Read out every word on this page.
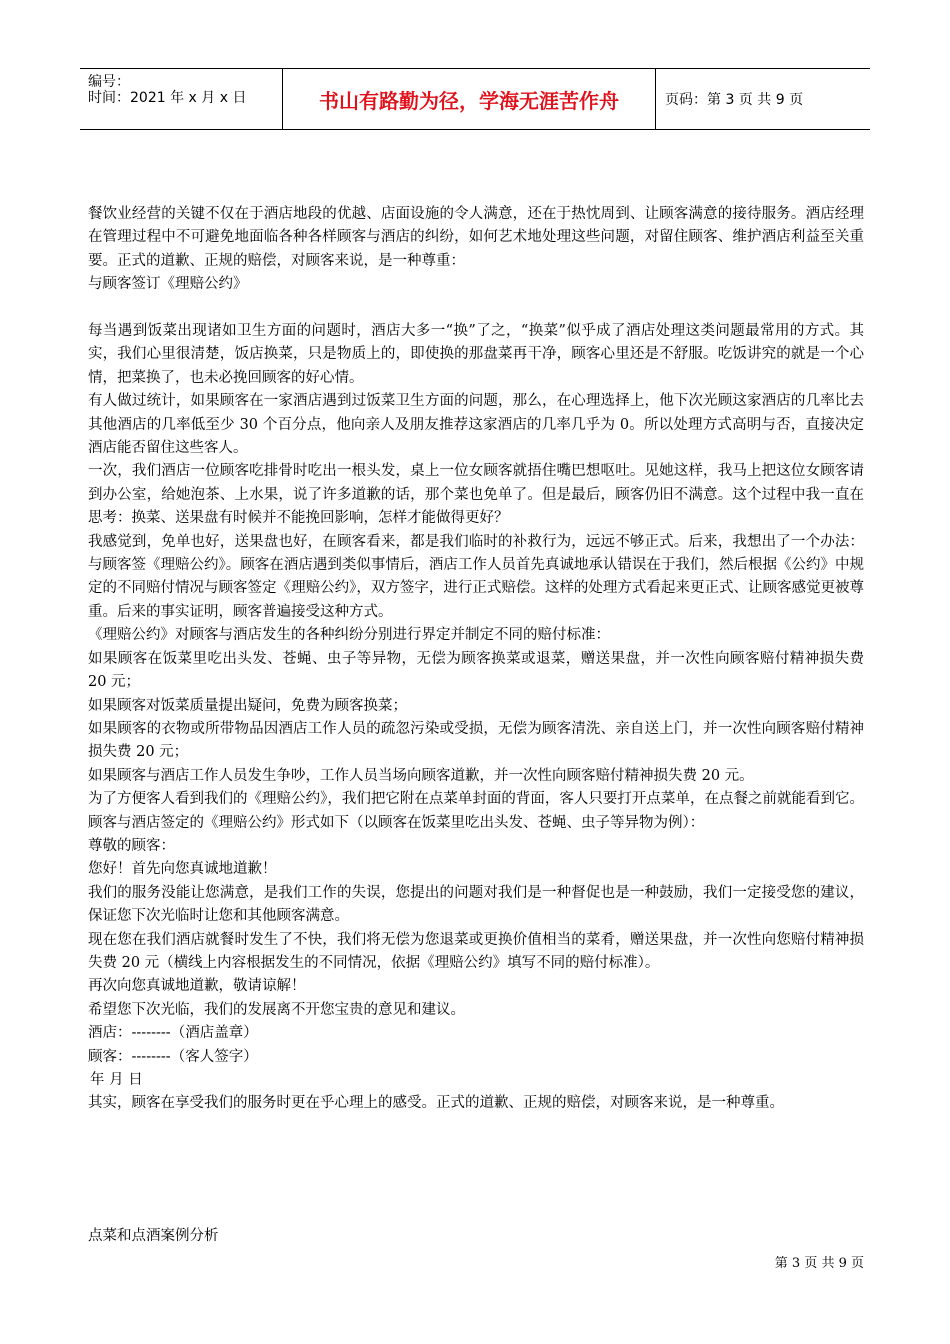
编号：
时间：2021 年 x 月 x 日	书山有路勤为径，学海无涯苦作舟	页码：第 3 页 共 9 页

餐饮业经营的关键不仅在于酒店地段的优越、店面设施的令人满意，还在于热忱周到、让顾客满意的接待服务。酒店经理在管理过程中不可避免地面临各种各样顾客与酒店的纠纷，如何艺术地处理这些问题，对留住顾客、维护酒店利益至关重要。正式的道歉、正规的赔偿，对顾客来说，是一种尊重：

与顾客签订《理赔公约》

每当遇到饭菜出现诸如卫生方面的问题时，酒店大多一“换”了之，“换菜”似乎成了酒店处理这类问题最常用的方式。其实，我们心里很清楚，饭店换菜，只是物质上的，即使换的那盘菜再干净，顾客心里还是不舒服。吃饭讲究的就是一个心情，把菜换了，也未必挽回顾客的好心情。

有人做过统计，如果顾客在一家酒店遇到过饭菜卫生方面的问题，那么，在心理选择上，他下次光顾这家酒店的几率比去其他酒店的几率低至少 30 个百分点，他向亲人及朋友推荐这家酒店的几率几乎为 0。所以处理方式高明与否，直接决定酒店能否留住这些客人。

一次，我们酒店一位顾客吃排骨时吃出一根头发，桌上一位女顾客就捂住嘴巴想呕吐。见她这样，我马上把这位女顾客请到办公室，给她泡茶、上水果，说了许多道歉的话，那个菜也免单了。但是最后，顾客仍旧不满意。这个过程中我一直在思考：换菜、送果盘有时候并不能挽回影响，怎样才能做得更好？

我感觉到，免单也好，送果盘也好，在顾客看来，都是我们临时的补救行为，远远不够正式。后来，我想出了一个办法：与顾客签《理赔公约》。顾客在酒店遇到类似事情后，酒店工作人员首先真诚地承认错误在于我们，然后根据《公约》中规定的不同赔付情况与顾客签定《理赔公约》，双方签字，进行正式赔偿。这样的处理方式看起来更正式、让顾客感觉更被尊重。后来的事实证明，顾客普遍接受这种方式。

《理赔公约》对顾客与酒店发生的各种纠纷分别进行界定并制定不同的赔付标准：

如果顾客在饭菜里吃出头发、苍蝇、虫子等异物，无偿为顾客换菜或退菜，赠送果盘，并一次性向顾客赔付精神损失费 20 元；

如果顾客对饭菜质量提出疑问，免费为顾客换菜；

如果顾客的衣物或所带物品因酒店工作人员的疏忽污染或受损，无偿为顾客清洗、亲自送上门，并一次性向顾客赔付精神损失费 20 元；

如果顾客与酒店工作人员发生争吵，工作人员当场向顾客道歉，并一次性向顾客赔付精神损失费 20 元。

为了方便客人看到我们的《理赔公约》，我们把它附在点菜单封面的背面，客人只要打开点菜单，在点餐之前就能看到它。顾客与酒店签定的《理赔公约》形式如下（以顾客在饭菜里吃出头发、苍蝇、虫子等异物为例）：

尊敬的顾客：

您好！首先向您真诚地道歉！

我们的服务没能让您满意，是我们工作的失误，您提出的问题对我们是一种督促也是一种鼓励，我们一定接受您的建议，保证您下次光临时让您和其他顾客满意。

现在您在我们酒店就餐时发生了不快，我们将无偿为您退菜或更换价值相当的菜肴，赠送果盘，并一次性向您赔付精神损失费 20 元（横线上内容根据发生的不同情况，依据《理赔公约》填写不同的赔付标准）。

再次向您真诚地道歉，敬请谅解！

希望您下次光临，我们的发展离不开您宝贵的意见和建议。

酒店：--------（酒店盖章）

顾客：--------（客人签字）

年 月 日

其实，顾客在享受我们的服务时更在乎心理上的感受。正式的道歉、正规的赔偿，对顾客来说，是一种尊重。

点菜和点酒案例分析
第 3 页 共 9 页
